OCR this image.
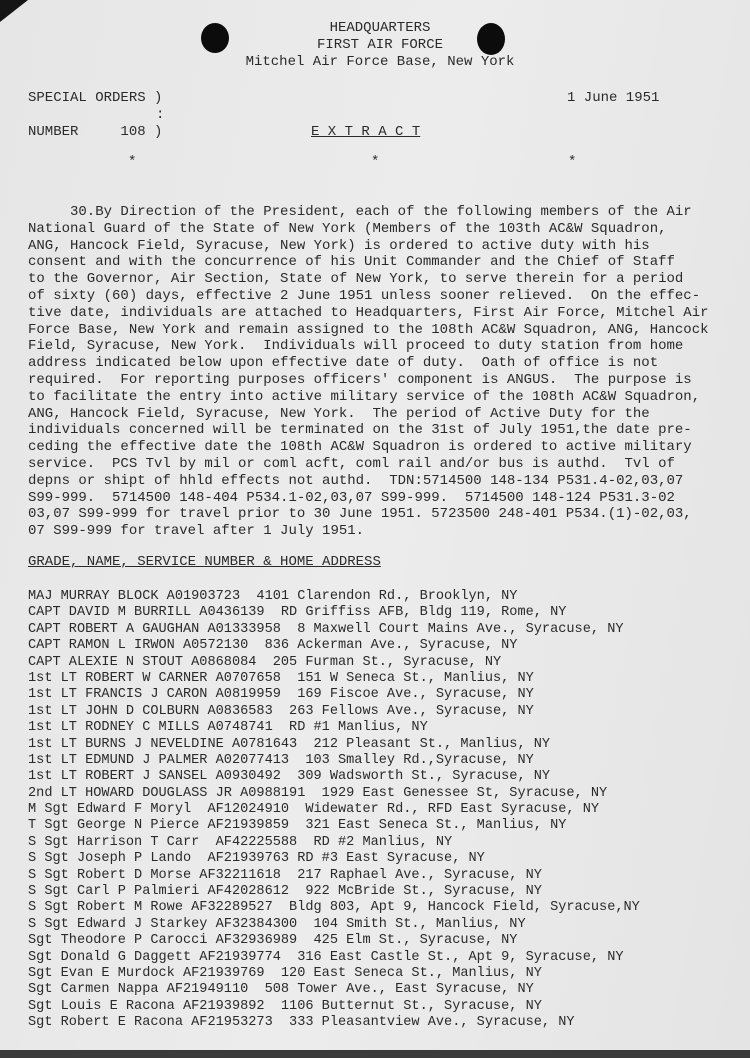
HEADQUARTERS
FIRST AIR FORCE
Mitchel Air Force Base, New York
SPECIAL ORDERS )
:
NUMBER     108 )
1 June 1951
E X T R A C T
*	*	*
30.By Direction of the President, each of the following members of the Air
National Guard of the State of New York (Members of the 103th AC&W Squadron,
ANG, Hancock Field, Syracuse, New York) is ordered to active duty with his
consent and with the concurrence of his Unit Commander and the Chief of Staff
to the Governor, Air Section, State of New York, to serve therein for a period
of sixty (60) days, effective 2 June 1951 unless sooner relieved.  On the effec-
tive date, individuals are attached to Headquarters, First Air Force, Mitchel Air
Force Base, New York and remain assigned to the 108th AC&W Squadron, ANG, Hancock
Field, Syracuse, New York.  Individuals will proceed to duty station from home
address indicated below upon effective date of duty.  Oath of office is not
required.  For reporting purposes officers' component is ANGUS.  The purpose is
to facilitate the entry into active military service of the 108th AC&W Squadron,
ANG, Hancock Field, Syracuse, New York.  The period of Active Duty for the
individuals concerned will be terminated on the 31st of July 1951,the date pre-
ceding the effective date the 108th AC&W Squadron is ordered to active military
service.  PCS Tvl by mil or coml acft, coml rail and/or bus is authd.  Tvl of
depns or shipt of hhld effects not authd.  TDN:5714500 148-134 P531.4-02,03,07
S99-999.  5714500 148-404 P534.1-02,03,07 S99-999.  5714500 148-124 P531.3-02
03,07 S99-999 for travel prior to 30 June 1951. 5723500 248-401 P534.(1)-02,03,
07 S99-999 for travel after 1 July 1951.
GRADE, NAME, SERVICE NUMBER & HOME ADDRESS
MAJ MURRAY BLOCK A01903723  4101 Clarendon Rd., Brooklyn, NY
CAPT DAVID M BURRILL A0436139  RD Griffiss AFB, Bldg 119, Rome, NY
CAPT ROBERT A GAUGHAN A01333958  8 Maxwell Court Mains Ave., Syracuse, NY
CAPT RAMON L IRWON A0572130  836 Ackerman Ave., Syracuse, NY
CAPT ALEXIE N STOUT A0868084  205 Furman St., Syracuse, NY
1st LT ROBERT W CARNER A0707658  151 W Seneca St., Manlius, NY
1st LT FRANCIS J CARON A0819959  169 Fiscoe Ave., Syracuse, NY
1st LT JOHN D COLBURN A0836583  263 Fellows Ave., Syracuse, NY
1st LT RODNEY C MILLS A0748741  RD #1 Manlius, NY
1st LT BURNS J NEVELDINE A0781643  212 Pleasant St., Manlius, NY
1st LT EDMUND J PALMER A02077413  103 Smalley Rd.,Syracuse, NY
1st LT ROBERT J SANSEL A0930492  309 Wadsworth St., Syracuse, NY
2nd LT HOWARD DOUGLASS JR A0988191  1929 East Genessee St, Syracuse, NY
M Sgt Edward F Moryl  AF12024910  Widewater Rd., RFD East Syracuse, NY
T Sgt George N Pierce AF21939859  321 East Seneca St., Manlius, NY
S Sgt Harrison T Carr  AF42225588  RD #2 Manlius, NY
S Sgt Joseph P Lando  AF21939763 RD #3 East Syracuse, NY
S Sgt Robert D Morse AF32211618  217 Raphael Ave., Syracuse, NY
S Sgt Carl P Palmieri AF42028612  922 McBride St., Syracuse, NY
S Sgt Robert M Rowe AF32289527  Bldg 803, Apt 9, Hancock Field, Syracuse,NY
S Sgt Edward J Starkey AF32384300  104 Smith St., Manlius, NY
Sgt Theodore P Carocci AF32936989  425 Elm St., Syracuse, NY
Sgt Donald G Daggett AF21939774  316 East Castle St., Apt 9, Syracuse, NY
Sgt Evan E Murdock AF21939769  120 East Seneca St., Manlius, NY
Sgt Carmen Nappa AF21949110  508 Tower Ave., East Syracuse, NY
Sgt Louis E Racona AF21939892  1106 Butternut St., Syracuse, NY
Sgt Robert E Racona AF21953273  333 Pleasantview Ave., Syracuse, NY
